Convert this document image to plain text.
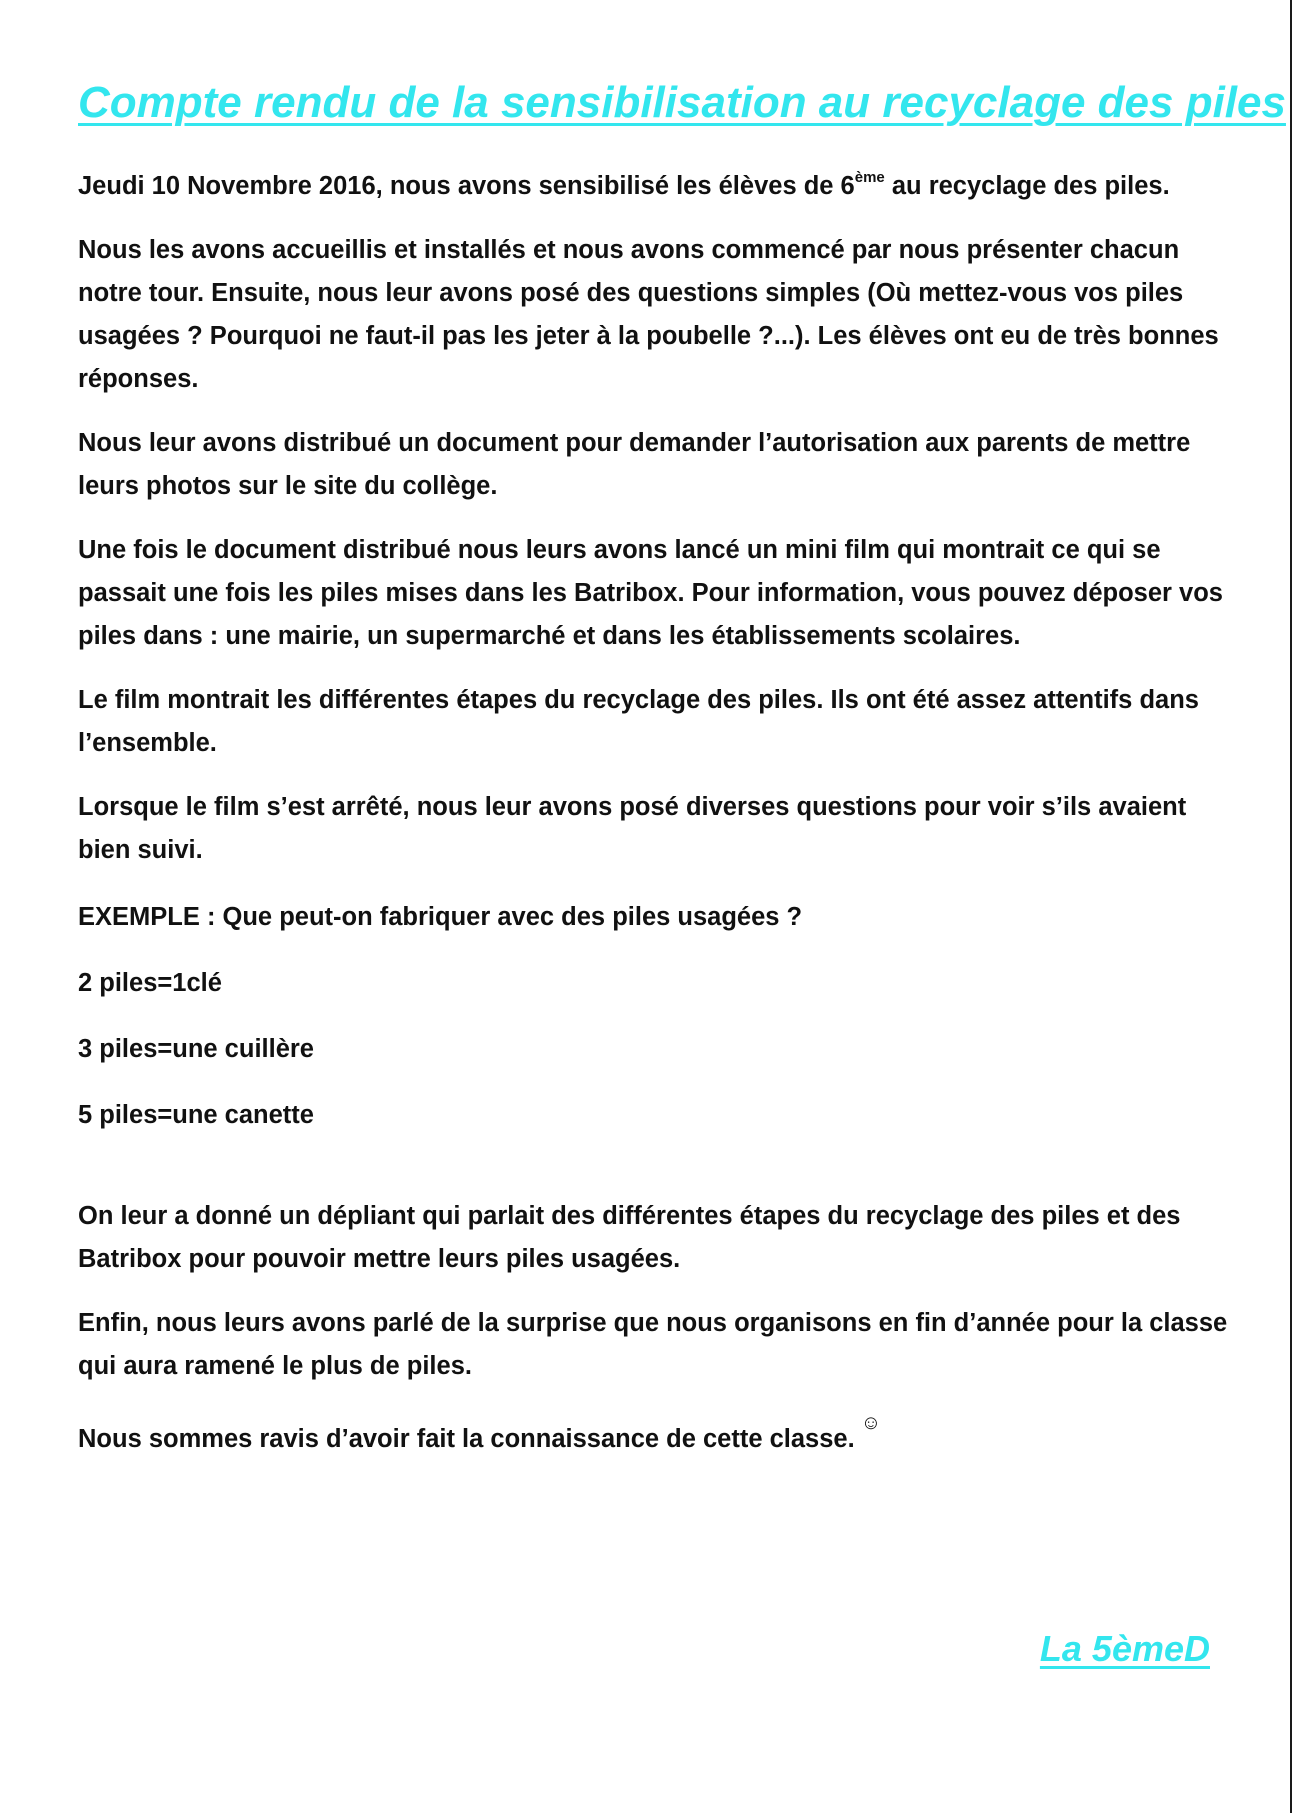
Compte rendu de la sensibilisation au recyclage des piles

Jeudi 10 Novembre 2016, nous avons sensibilisé les élèves de 6ème au recyclage des piles.

Nous les avons accueillis et installés et nous avons commencé par nous présenter chacun notre tour. Ensuite, nous leur avons posé des questions simples (Où mettez-vous vos piles usagées ? Pourquoi ne faut-il pas les jeter à la poubelle ?...). Les élèves ont eu de très bonnes réponses.

Nous leur avons distribué un document pour demander l’autorisation aux parents de mettre leurs photos sur le site du collège.

Une fois le document distribué nous leurs avons lancé un mini film qui montrait ce qui se passait une fois les piles mises dans les Batribox. Pour information, vous pouvez déposer vos piles dans : une mairie, un supermarché et dans les établissements scolaires.

Le film montrait les différentes étapes du recyclage des piles. Ils ont été assez attentifs dans l’ensemble.

Lorsque le film s’est arrêté, nous leur avons posé diverses questions pour voir s’ils avaient bien suivi.

EXEMPLE : Que peut-on fabriquer avec des piles usagées ?

2 piles=1clé

3 piles=une cuillère

5 piles=une canette

On leur a donné un dépliant qui parlait des différentes étapes du recyclage des piles et des Batribox pour pouvoir mettre leurs piles usagées.

Enfin, nous leurs avons parlé de la surprise que nous organisons en fin d’année pour la classe qui aura ramené le plus de piles.

Nous sommes ravis d’avoir fait la connaissance de cette classe.☺

La 5èmeD
